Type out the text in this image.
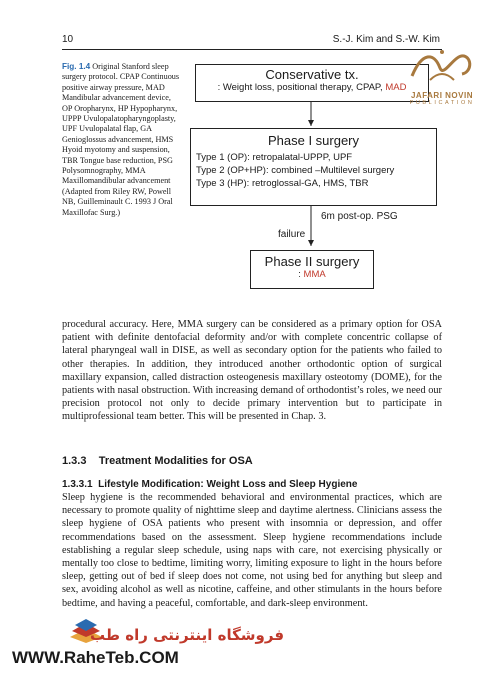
10	S.-J. Kim and S.-W. Kim
Fig. 1.4 Original Stanford sleep surgery protocol. CPAP Continuous positive airway pressure, MAD Mandibular advancement device, OP Oropharynx, HP Hypopharynx, UPPP Uvulopalatopharyngoplasty, UPF Uvulopalatal flap, GA Genioglossus advancement, HMS Hyoid myotomy and suspension, TBR Tongue base reduction, PSG Polysomnography, MMA Maxillomandibular advancement (Adapted from Riley RW, Powell NB, Guilleminault C. 1993 J Oral Maxillofac Surg.)
Conservative tx.
: Weight loss, positional therapy, CPAP, MAD
Phase I surgery
Type 1 (OP): retropalatal-UPPP, UPF
Type 2 (OP+HP): combined –Multilevel surgery
Type 3 (HP): retroglossal-GA, HMS, TBR
6m post-op. PSG
failure
Phase II surgery
: MMA
JAFARI NOVIN
PUBLICATION
procedural accuracy. Here, MMA surgery can be considered as a primary option for OSA patient with definite dentofacial deformity and/or with complete concentric collapse of lateral pharyngeal wall in DISE, as well as secondary option for the patients who failed to other therapies. In addition, they introduced another orthodontic option of surgical maxillary expansion, called distraction osteogenesis maxillary osteotomy (DOME), for the patients with nasal obstruction. With increasing demand of orthodontist’s roles, we need our precision protocol not only to decide primary intervention but to participate in multiprofessional team better. This will be presented in Chap. 3.
1.3.3 Treatment Modalities for OSA
1.3.3.1 Lifestyle Modification: Weight Loss and Sleep Hygiene
Sleep hygiene is the recommended behavioral and environmental practices, which are necessary to promote quality of nighttime sleep and daytime alertness. Clinicians assess the sleep hygiene of OSA patients who present with insomnia or depression, and offer recommendations based on the assessment. Sleep hygiene recommendations include establishing a regular sleep schedule, using naps with care, not exercising physically or mentally too close to bedtime, limiting worry, limiting exposure to light in the hours before sleep, getting out of bed if sleep does not come, not using bed for anything but sleep and sex, avoiding alcohol as well as nicotine, caffeine, and other stimulants in the hours before bedtime, and having a peaceful, comfortable, and dark-sleep environment.
فروشگاه اینترنتی راه طب
WWW.RaheTeb.COM
